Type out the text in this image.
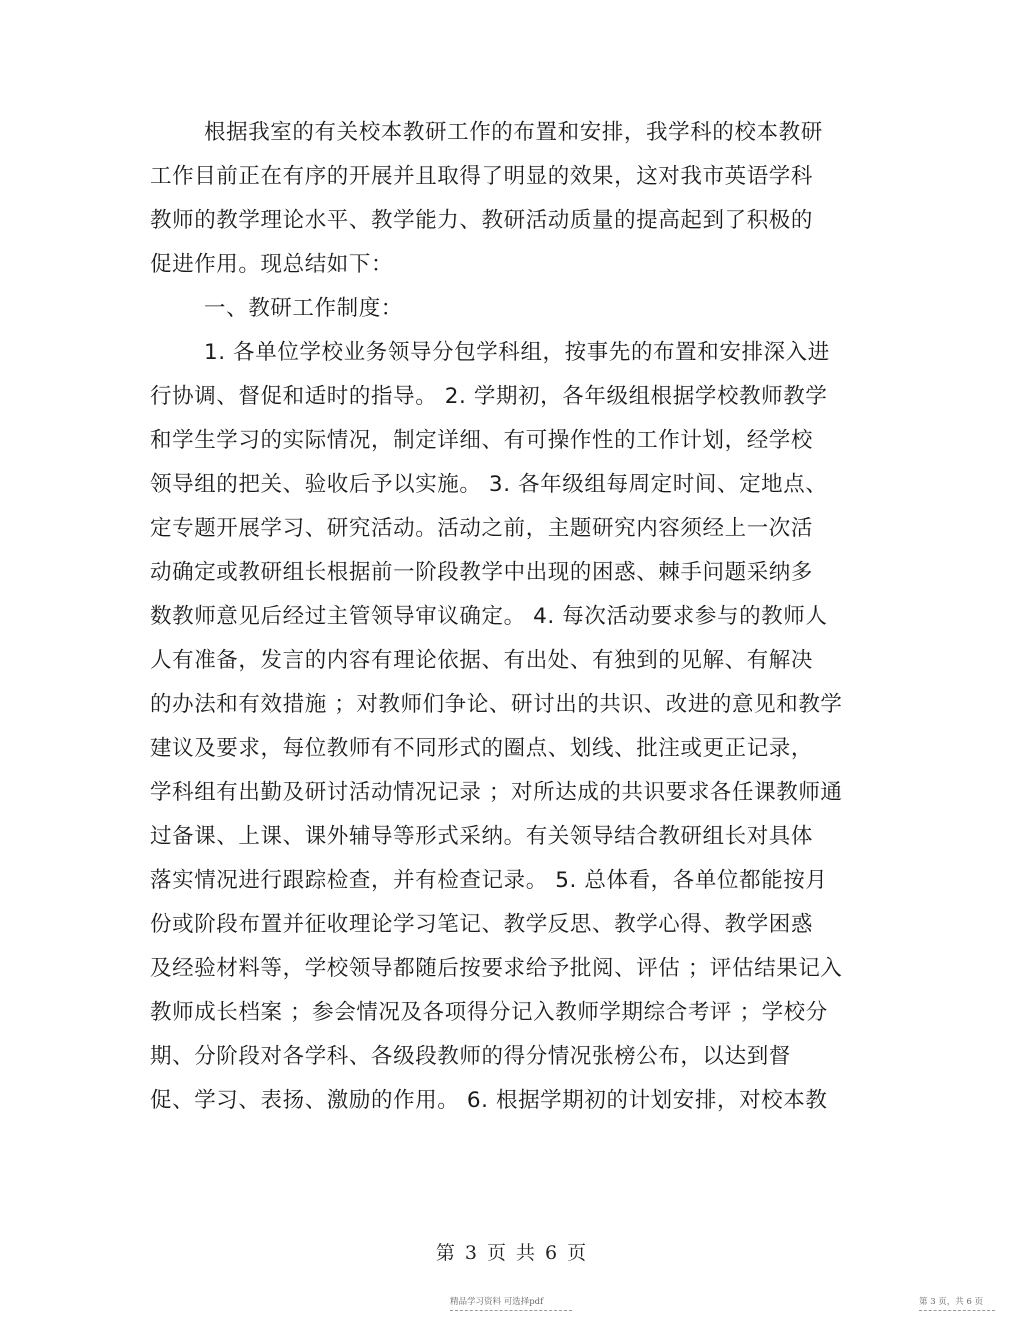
根据我室的有关校本教研工作的布置和安排，我学科的校本教研
工作目前正在有序的开展并且取得了明显的效果，这对我市英语学科
教师的教学理论水平、教学能力、教研活动质量的提高起到了积极的
促进作用。现总结如下：
一、教研工作制度：
1. 各单位学校业务领导分包学科组，按事先的布置和安排深入进
行协调、督促和适时的指导。 2. 学期初，各年级组根据学校教师教学
和学生学习的实际情况，制定详细、有可操作性的工作计划，经学校
领导组的把关、验收后予以实施。 3. 各年级组每周定时间、定地点、
定专题开展学习、研究活动。活动之前，主题研究内容须经上一次活
动确定或教研组长根据前一阶段教学中出现的困惑、棘手问题采纳多
数教师意见后经过主管领导审议确定。 4. 每次活动要求参与的教师人
人有准备，发言的内容有理论依据、有出处、有独到的见解、有解决
的办法和有效措施 ；对教师们争论、研讨出的共识、改进的意见和教学
建议及要求，每位教师有不同形式的圈点、划线、批注或更正记录，
学科组有出勤及研讨活动情况记录 ；对所达成的共识要求各任课教师通
过备课、上课、课外辅导等形式采纳。有关领导结合教研组长对具体
落实情况进行跟踪检查，并有检查记录。 5. 总体看，各单位都能按月
份或阶段布置并征收理论学习笔记、教学反思、教学心得、教学困惑
及经验材料等，学校领导都随后按要求给予批阅、评估 ；评估结果记入
教师成长档案 ；参会情况及各项得分记入教师学期综合考评 ；学校分
期、分阶段对各学科、各级段教师的得分情况张榜公布，以达到督
促、学习、表扬、激励的作用。 6. 根据学期初的计划安排，对校本教
第 3 页 共 6 页
精品学习资料 可选择pdf	第 3 页，共 6 页
